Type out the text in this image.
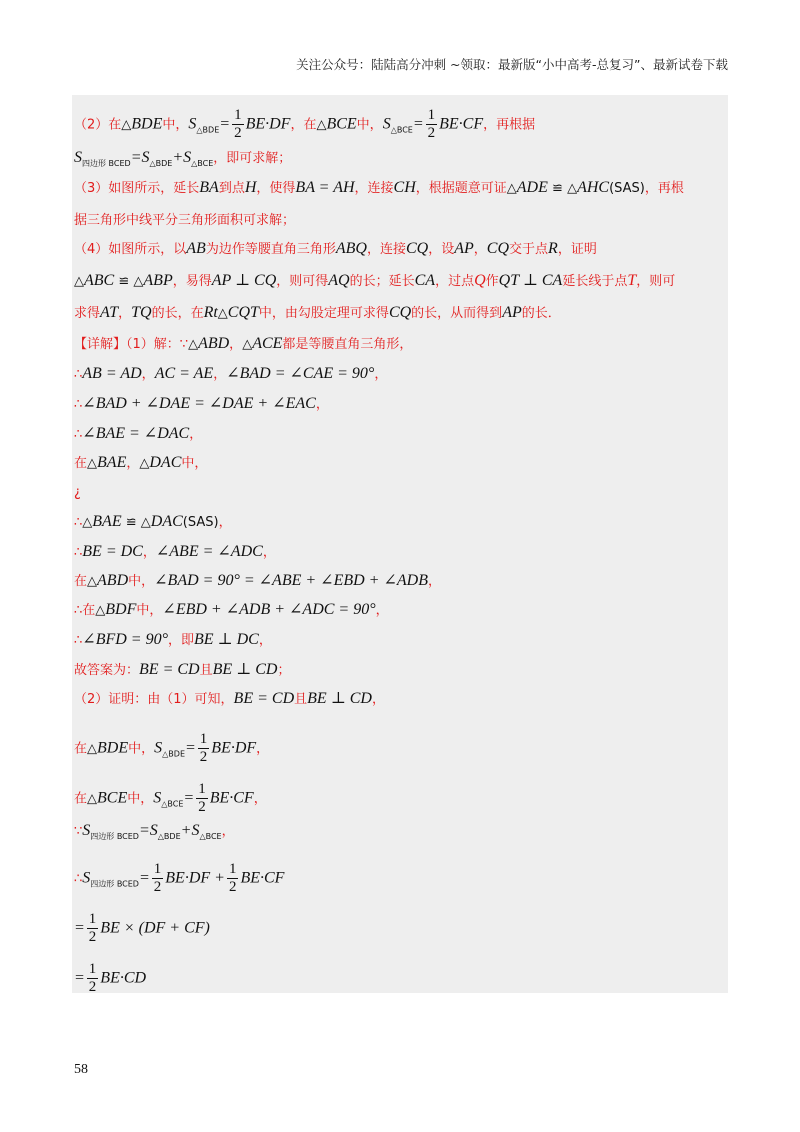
关注公众号：陆陆高分冲刺 ~领取：最新版“小中高考-总复习”、最新试卷下载
（2）在△BDE中，$S_{\triangle BDE}= \frac{1}{2} BE\cdot DF$，在△BCE中，$S_{\triangle BCE}= \frac{1}{2} BE\cdot CF$，再根据
$S_{四边形 BCED}=S_{\triangle BDE}+S_{\triangle BCE}$，即可求解；
（3）如图所示，延长BA到点H，使得BA = AH，连接CH，根据题意可证△ADE ≌ △AHC(SAS)，再根
据三角形中线平分三角形面积可求解；
（4）如图所示，以AB为边作等腰直角三角形ABQ，连接CQ，设AP，CQ交于点R，证明
△ABC ≌ △ABP，易得AP ⊥ CQ，则可得AQ的长；延长CA，过点Q作QT ⊥ CA延长线于点T，则可
求得AT，TQ的长，在Rt△CQT中，由勾股定理可求得CQ的长，从而得到AP的长．
【详解】（1）解：∵△ABD，△ACE都是等腰直角三角形，
∴AB = AD，AC = AE，∠BAD = ∠CAE = 90°，
∴∠BAD + ∠DAE = ∠DAE + ∠EAC，
∴∠BAE = ∠DAC，
在△BAE，△DAC中，
¿
∴△BAE ≌ △DAC(SAS)，
∴BE = DC，∠ABE = ∠ADC，
在△ABD中，∠BAD = 90° = ∠ABE + ∠EBD + ∠ADB，
∴在△BDF中，∠EBD + ∠ADB + ∠ADC = 90°，
∴∠BFD = 90°，即BE ⊥ DC，
故答案为：BE = CD且BE ⊥ CD；
（2）证明：由（1）可知，BE = CD且BE ⊥ CD，
在△BDE中，$S_{\triangle BDE}= \frac{1}{2} BE\cdot DF$，
在△BCE中，$S_{\triangle BCE}= \frac{1}{2} BE\cdot CF$，
$\because S_{四边形 BCED}=S_{\triangle BDE}+S_{\triangle BCE}$，
$\therefore S_{四边形 BCED}= \frac{1}{2} BE\cdot DF + \frac{1}{2} BE\cdot CF$
= $\frac{1}{2}$ BE × (DF + CF)
= $\frac{1}{2} BE\cdot CD$
58
